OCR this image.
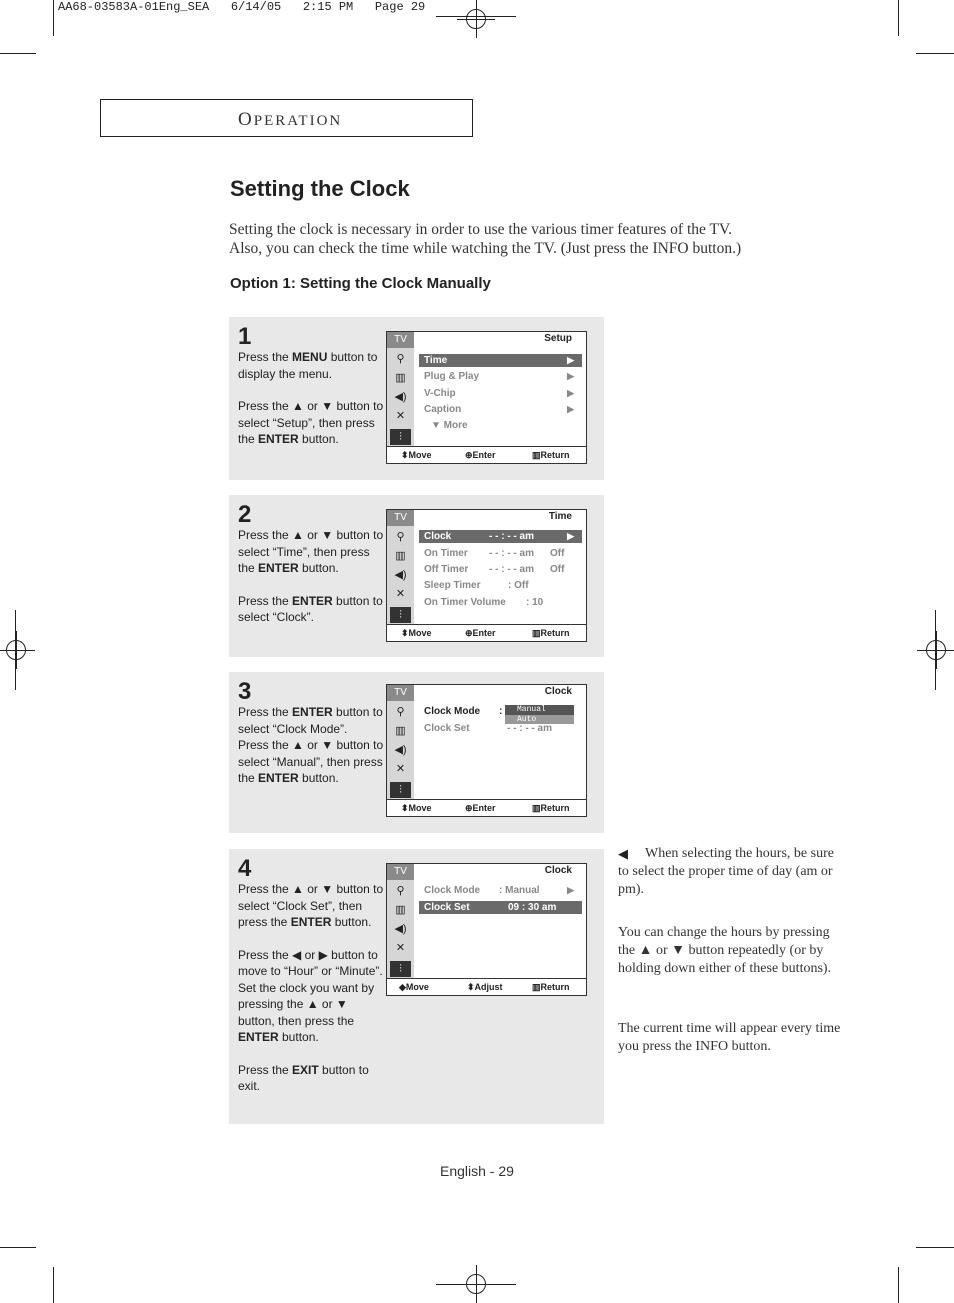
AA68-03583A-01Eng_SEA   6/14/05   2:15 PM   Page 29
OPERATION
Setting the Clock
Setting the clock is necessary in order to use the various timer features of the TV.
Also, you can check the time while watching the TV. (Just press the INFO button.)
Option 1: Setting the Clock Manually
1

Press the MENU button to display the menu.

Press the ▲ or ▼ button to select “Setup”, then press the ENTER button.

TV
⚲
▥
◀)
✕
⫶
Setup
Time	▶
Plug & Play	▶
V-Chip	▶
Caption	▶
▼ More
⬍ Move	⊕ Enter	▥ Return
2

Press the ▲ or ▼ button to select “Time”, then press the ENTER button.

Press the ENTER button to select “Clock”.

TV
⚲
▥
◀)
✕
⫶
Time
Clock	- - : - - am	▶
On Timer - - : - - am Off
Off Timer - - : - - am Off
Sleep Timer	: Off
On Timer Volume : 10
⬍ Move	⊕ Enter	▥ Return
3

Press the ENTER button to select “Clock Mode”.

Press the ▲ or ▼ button to select “Manual”, then press the ENTER button.

TV
⚲
▥
◀)
✕
⫶
Clock
Clock Mode :	Manual
Auto
Clock Set	- - : - - am
⬍ Move	⊕ Enter	▥ Return
4

Press the ▲ or ▼ button to select “Clock Set”, then press the ENTER button.

Press the ◀ or ▶ button to move to “Hour” or “Minute”.

Set the clock you want by pressing the ▲ or ▼ button, then press the ENTER button.

Press the EXIT button to exit.

TV
⚲
▥
◀)
✕
⫶
Clock
Clock Mode : Manual	▶
Clock Set	09 : 30 am
◆ Move	⬍ Adjust	▥ Return
◀	When selecting the hours, be sure to select the proper time of day (am or pm).
You can change the hours by pressing the ▲ or ▼ button repeatedly (or by holding down either of these buttons).
The current time will appear every time you press the INFO button.
English - 29
